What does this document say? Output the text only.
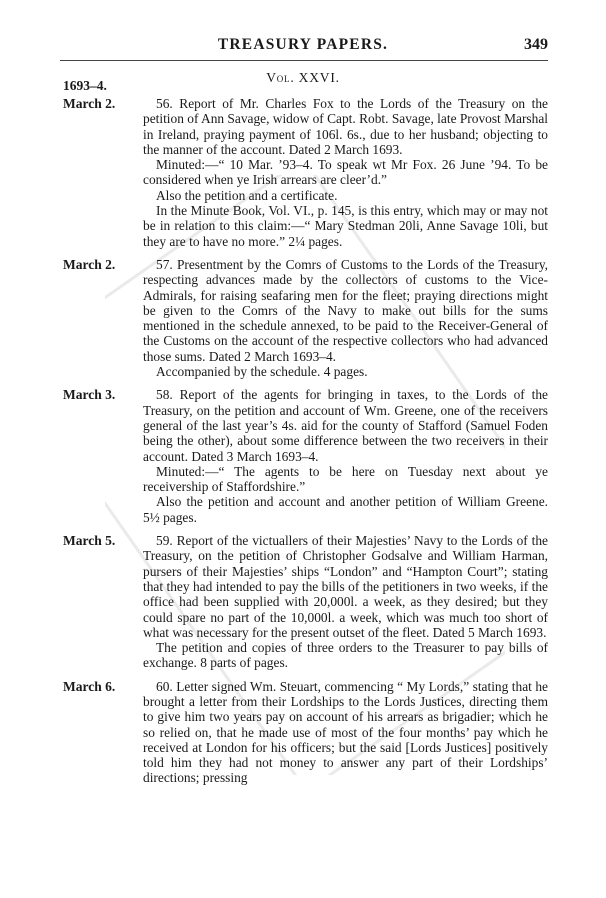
TREASURY PAPERS.	349
1693–4.
Vol. XXVI.
March 2.	56. Report of Mr. Charles Fox to the Lords of the Treasury on the petition of Ann Savage, widow of Capt. Robt. Savage, late Provost Marshal in Ireland, praying payment of 106l. 6s., due to her husband; objecting to the manner of the account. Dated 2 March 1693.

Minuted:—“ 10 Mar. ’93–4. To speak wt Mr Fox. 26 June ’94. To be considered when ye Irish arrears are cleer’d.”

Also the petition and a certificate.

In the Minute Book, Vol. VI., p. 145, is this entry, which may or may not be in relation to this claim:—“ Mary Stedman 20li, Anne Savage 10li, but they are to have no more.” 2¼ pages.

March 2.	57. Presentment by the Comrs of Customs to the Lords of the Treasury, respecting advances made by the collectors of customs to the Vice-Admirals, for raising seafaring men for the fleet; praying directions might be given to the Comrs of the Navy to make out bills for the sums mentioned in the schedule annexed, to be paid to the Receiver-General of the Customs on the account of the respective collectors who had advanced those sums. Dated 2 March 1693–4.

Accompanied by the schedule. 4 pages.

March 3.	58. Report of the agents for bringing in taxes, to the Lords of the Treasury, on the petition and account of Wm. Greene, one of the receivers general of the last year’s 4s. aid for the county of Stafford (Samuel Foden being the other), about some difference between the two receivers in their account. Dated 3 March 1693–4.

Minuted:—“ The agents to be here on Tuesday next about ye receivership of Staffordshire.”

Also the petition and account and another petition of William Greene. 5½ pages.

March 5.	59. Report of the victuallers of their Majesties’ Navy to the Lords of the Treasury, on the petition of Christopher Godsalve and William Harman, pursers of their Majesties’ ships “London” and “Hampton Court”; stating that they had intended to pay the bills of the petitioners in two weeks, if the office had been supplied with 20,000l. a week, as they desired; but they could spare no part of the 10,000l. a week, which was much too short of what was necessary for the present outset of the fleet. Dated 5 March 1693.

The petition and copies of three orders to the Treasurer to pay bills of exchange. 8 parts of pages.

March 6.	60. Letter signed Wm. Steuart, commencing “ My Lords,” stating that he brought a letter from their Lordships to the Lords Justices, directing them to give him two years pay on account of his arrears as brigadier; which he so relied on, that he made use of most of the four months’ pay which he received at London for his officers; but the said [Lords Justices] positively told him they had not money to answer any part of their Lordships’ directions; pressing
